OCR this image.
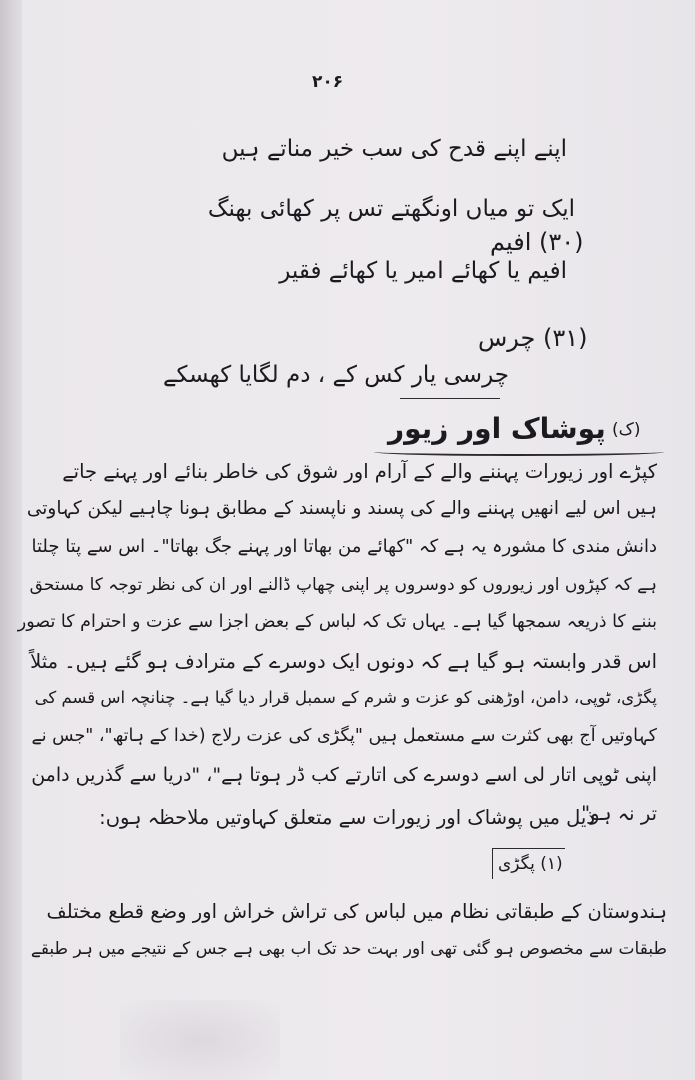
۲۰۶
اپنے اپنے قدح کی سب خیر مناتے ہیں
ایک تو میاں اونگھتے تس پر کھائی بھنگ
(۳۰) افیم
افیم یا کھائے امیر یا کھائے فقیر
(۳۱) چرس
چرسی یار کس کے ، دم لگایا کھسکے
پوشاک اور زیور (ک)
کپڑے اور زیورات پہننے والے کے آرام اور شوق کی خاطر بنائے اور پہنے جاتے
ہیں اس لیے انھیں پہننے والے کی پسند و ناپسند کے مطابق ہونا چاہیے لیکن کہاوتی
دانش مندی کا مشورہ یہ ہے کہ "کھائے من بھاتا اور پہنے جگ بھاتا"۔ اس سے پتا چلتا
ہے کہ کپڑوں اور زیوروں کو دوسروں پر اپنی چھاپ ڈالنے اور ان کی نظر توجہ کا مستحق
بننے کا ذریعہ سمجھا گیا ہے۔ یہاں تک کہ لباس کے بعض اجزا سے عزت و احترام کا تصور
اس قدر وابستہ ہو گیا ہے کہ دونوں ایک دوسرے کے مترادف ہو گئے ہیں۔ مثلاً
پگڑی، ٹوپی، دامن، اوڑھنی کو عزت و شرم کے سمبل قرار دیا گیا ہے۔ چنانچہ اس قسم کی
کہاوتیں آج بھی کثرت سے مستعمل ہیں "پگڑی کی عزت رلاج (خدا کے ہاتھ"، "جس نے
اپنی ٹوپی اتار لی اسے دوسرے کی اتارتے کب ڈر ہوتا ہے"، "دریا سے گذریں دامن
تر نہ ہو"
ذیل میں پوشاک اور زیورات سے متعلق کہاوتیں ملاحظہ ہوں:
(۱) پگڑی
ہندوستان کے طبقاتی نظام میں لباس کی تراش خراش اور وضع قطع مختلف
طبقات سے مخصوص ہو گئی تھی اور بہت حد تک اب بھی ہے جس کے نتیجے میں ہر طبقے
